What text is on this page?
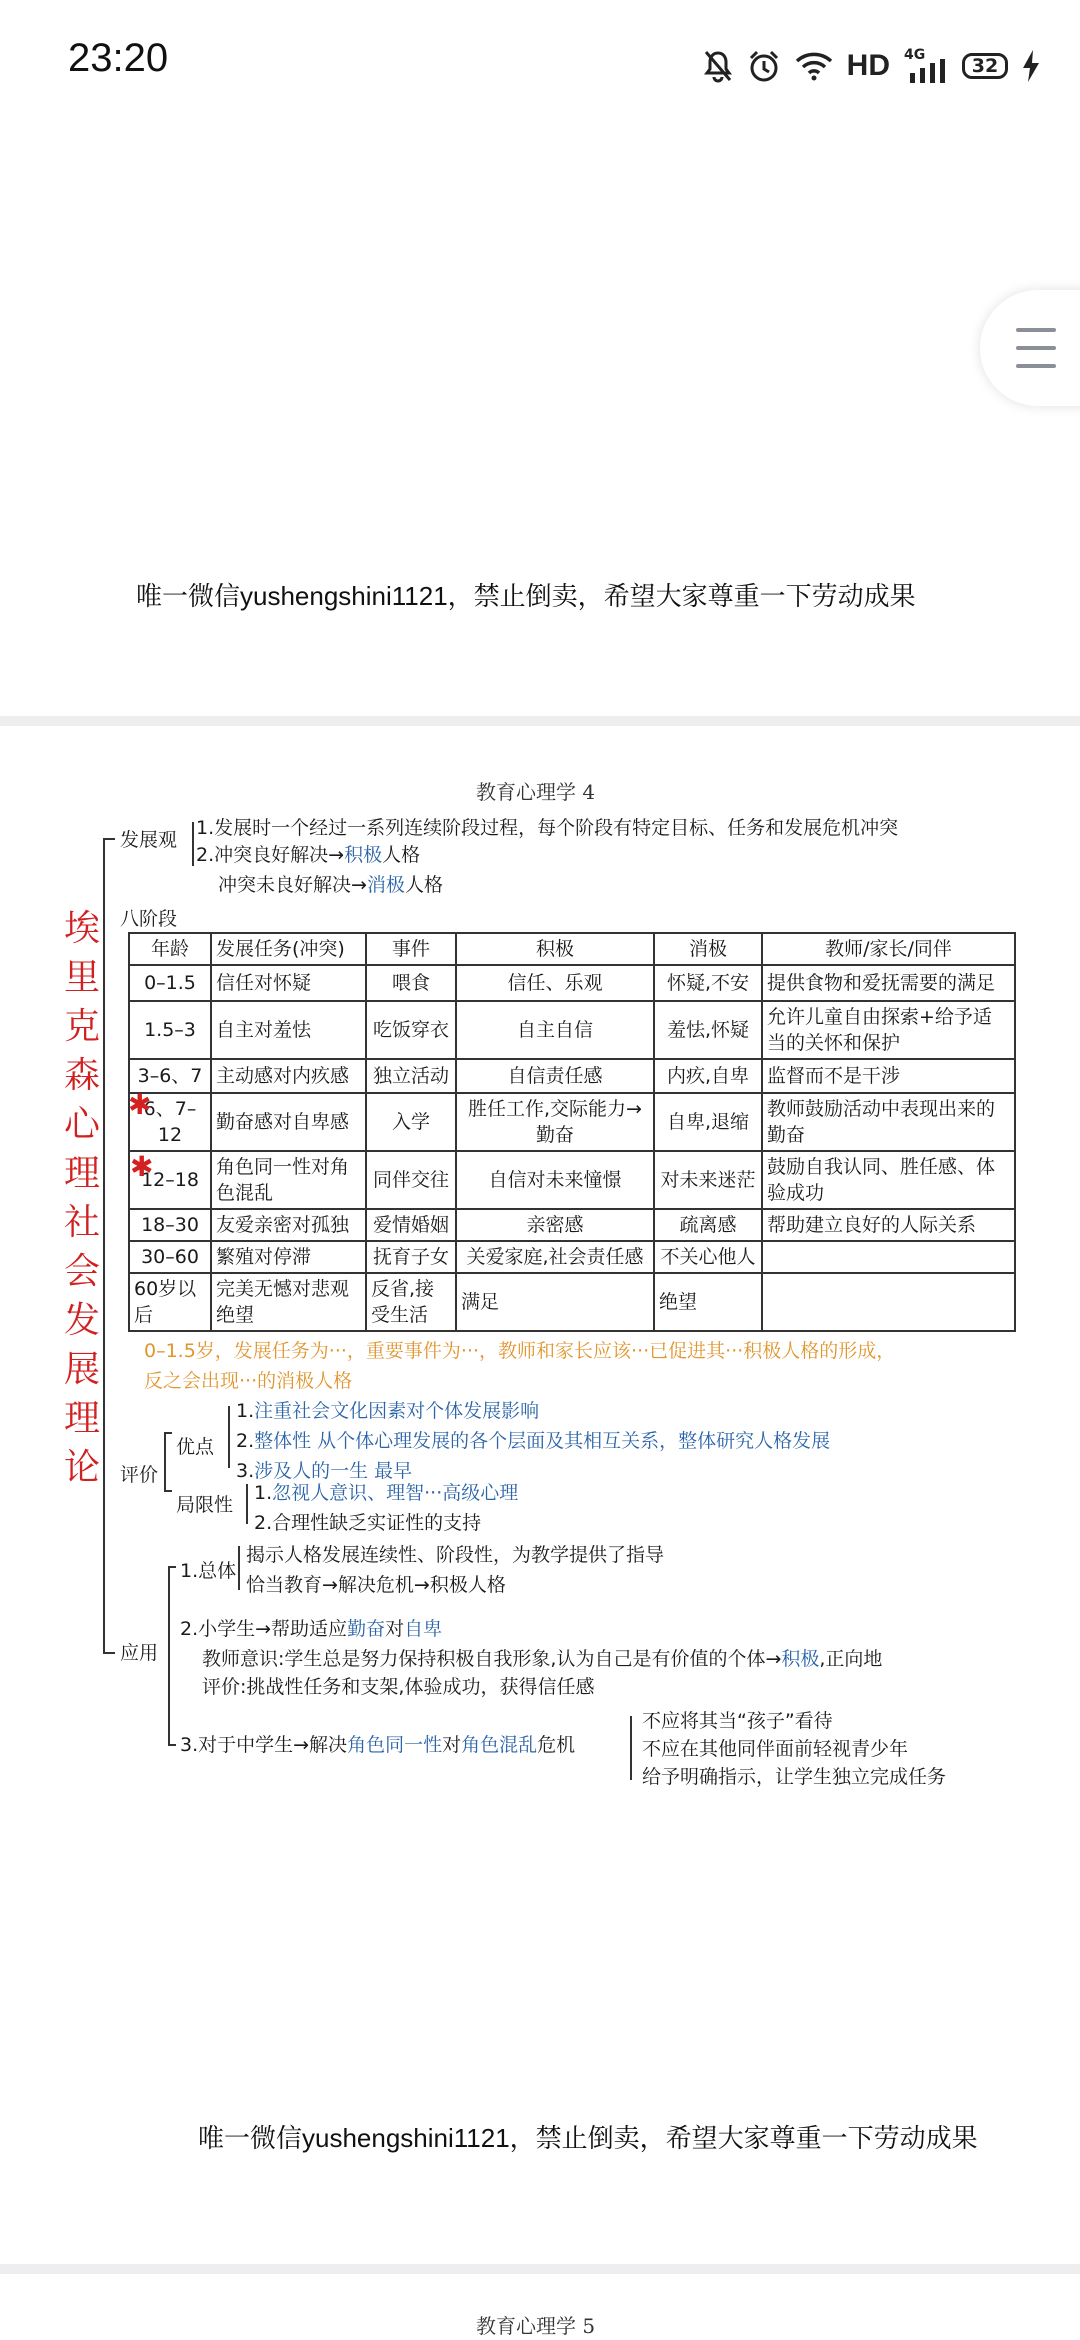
23:20	HD 4G	32
唯一微信yushengshini1121，禁止倒卖，希望大家尊重一下劳动成果
教育心理学 4
埃里克森心理社会发展理论
发展观
1.发展时一个经过一系列连续阶段过程，每个阶段有特定目标、任务和发展危机冲突
2.冲突良好解决→积极人格
冲突未良好解决→消极人格
八阶段
年龄	发展任务(冲突)	事件	积极	消极	教师/家长/同伴
0–1.5	信任对怀疑	喂食	信任、乐观	怀疑,不安	提供食物和爱抚需要的满足
1.5–3	自主对羞怯	吃饭穿衣	自主自信	羞怯,怀疑	允许儿童自由探索+给予适当的关怀和保护
3–6、7	主动感对内疚感	独立活动	自信责任感	内疚,自卑	监督而不是干涉
6、7–12	勤奋感对自卑感	入学	胜任工作,交际能力→勤奋	自卑,退缩	教师鼓励活动中表现出来的勤奋
12–18	角色同一性对角色混乱	同伴交往	自信对未来憧憬	对未来迷茫	鼓励自我认同、胜任感、体验成功
18–30	友爱亲密对孤独	爱情婚姻	亲密感	疏离感	帮助建立良好的人际关系
30–60	繁殖对停滞	抚育子女	关爱家庭,社会责任感	不关心他人	
60岁以后	完美无憾对悲观绝望	反省,接受生活	满足	绝望	
✱
✱
0–1.5岁，发展任务为···，重要事件为···，教师和家长应该···已促进其···积极人格的形成，
反之会出现···的消极人格
评价
优点
1.注重社会文化因素对个体发展影响
2.整体性 从个体心理发展的各个层面及其相互关系，整体研究人格发展
3.涉及人的一生 最早
局限性
1.忽视人意识、理智···高级心理
2.合理性缺乏实证性的支持
应用
1.总体
揭示人格发展连续性、阶段性，为教学提供了指导
恰当教育→解决危机→积极人格
2.小学生→帮助适应勤奋对自卑
教师意识:学生总是努力保持积极自我形象,认为自己是有价值的个体→积极,正向地
评价:挑战性任务和支架,体验成功，获得信任感
3.对于中学生→解决角色同一性对角色混乱危机
不应将其当“孩子”看待
不应在其他同伴面前轻视青少年
给予明确指示，让学生独立完成任务
唯一微信yushengshini1121，禁止倒卖，希望大家尊重一下劳动成果
教育心理学 5
